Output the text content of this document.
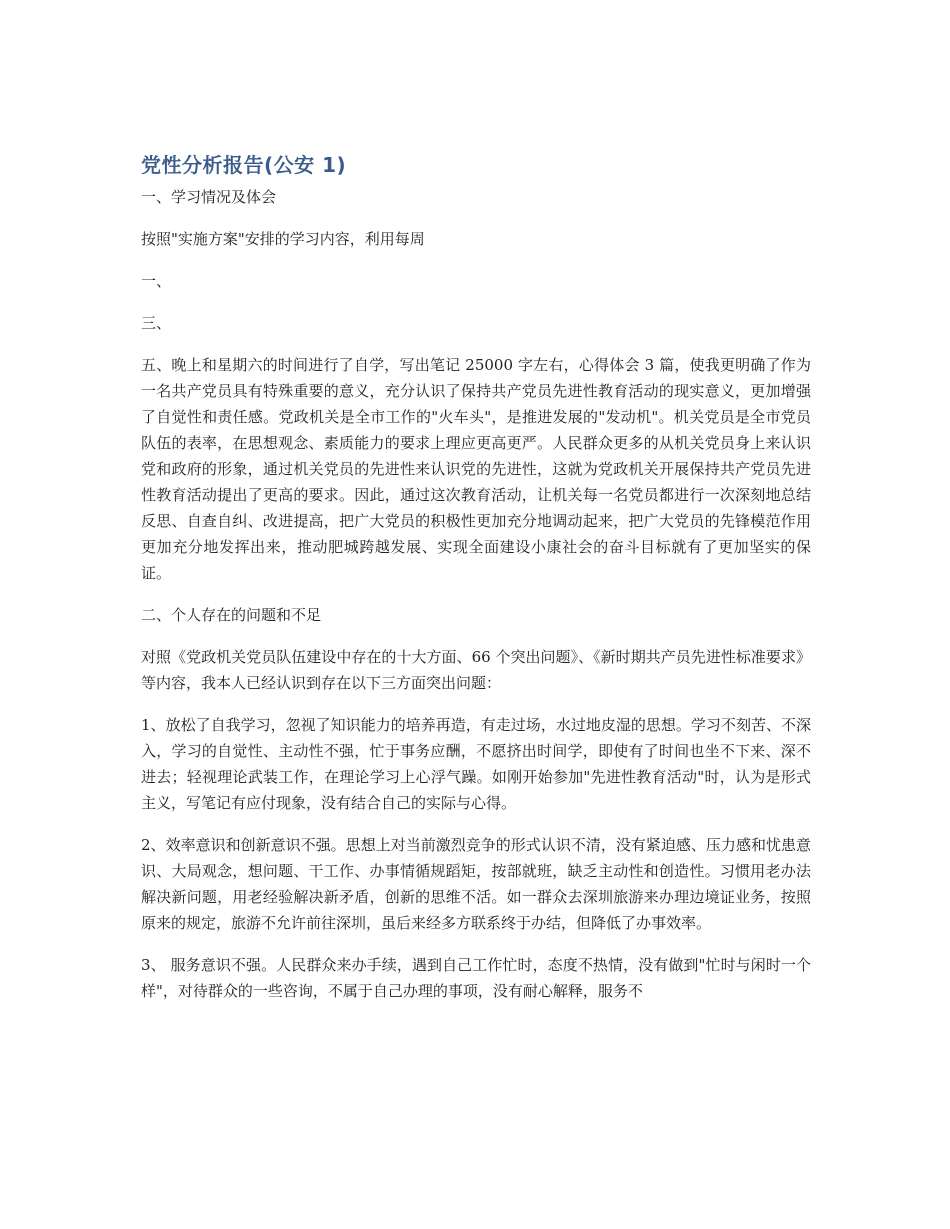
党性分析报告(公安 1)

一、学习情况及体会

按照"实施方案"安排的学习内容，利用每周

一、

三、

五、晚上和星期六的时间进行了自学，写出笔记 25000 字左右，心得体会 3 篇，使我更明确了作为一名共产党员具有特殊重要的意义，充分认识了保持共产党员先进性教育活动的现实意义，更加增强了自觉性和责任感。党政机关是全市工作的"火车头"，是推进发展的"发动机"。机关党员是全市党员队伍的表率，在思想观念、素质能力的要求上理应更高更严。人民群众更多的从机关党员身上来认识党和政府的形象，通过机关党员的先进性来认识党的先进性，这就为党政机关开展保持共产党员先进性教育活动提出了更高的要求。因此，通过这次教育活动，让机关每一名党员都进行一次深刻地总结反思、自查自纠、改进提高，把广大党员的积极性更加充分地调动起来，把广大党员的先锋模范作用更加充分地发挥出来，推动肥城跨越发展、实现全面建设小康社会的奋斗目标就有了更加坚实的保证。

二、个人存在的问题和不足

对照《党政机关党员队伍建设中存在的十大方面、66 个突出问题》、《新时期共产员先进性标准要求》等内容，我本人已经认识到存在以下三方面突出问题：

1、放松了自我学习，忽视了知识能力的培养再造，有走过场，水过地皮湿的思想。学习不刻苦、不深入，学习的自觉性、主动性不强，忙于事务应酬，不愿挤出时间学，即使有了时间也坐不下来、深不进去；轻视理论武装工作，在理论学习上心浮气躁。如刚开始参加"先进性教育活动"时，认为是形式主义，写笔记有应付现象，没有结合自己的实际与心得。

2、效率意识和创新意识不强。思想上对当前激烈竞争的形式认识不清，没有紧迫感、压力感和忧患意识、大局观念，想问题、干工作、办事情循规蹈矩，按部就班，缺乏主动性和创造性。习惯用老办法解决新问题，用老经验解决新矛盾，创新的思维不活。如一群众去深圳旅游来办理边境证业务，按照原来的规定，旅游不允许前往深圳，虽后来经多方联系终于办结，但降低了办事效率。

3、 服务意识不强。人民群众来办手续，遇到自己工作忙时，态度不热情，没有做到"忙时与闲时一个样"，对待群众的一些咨询，不属于自己办理的事项，没有耐心解释，服务不
